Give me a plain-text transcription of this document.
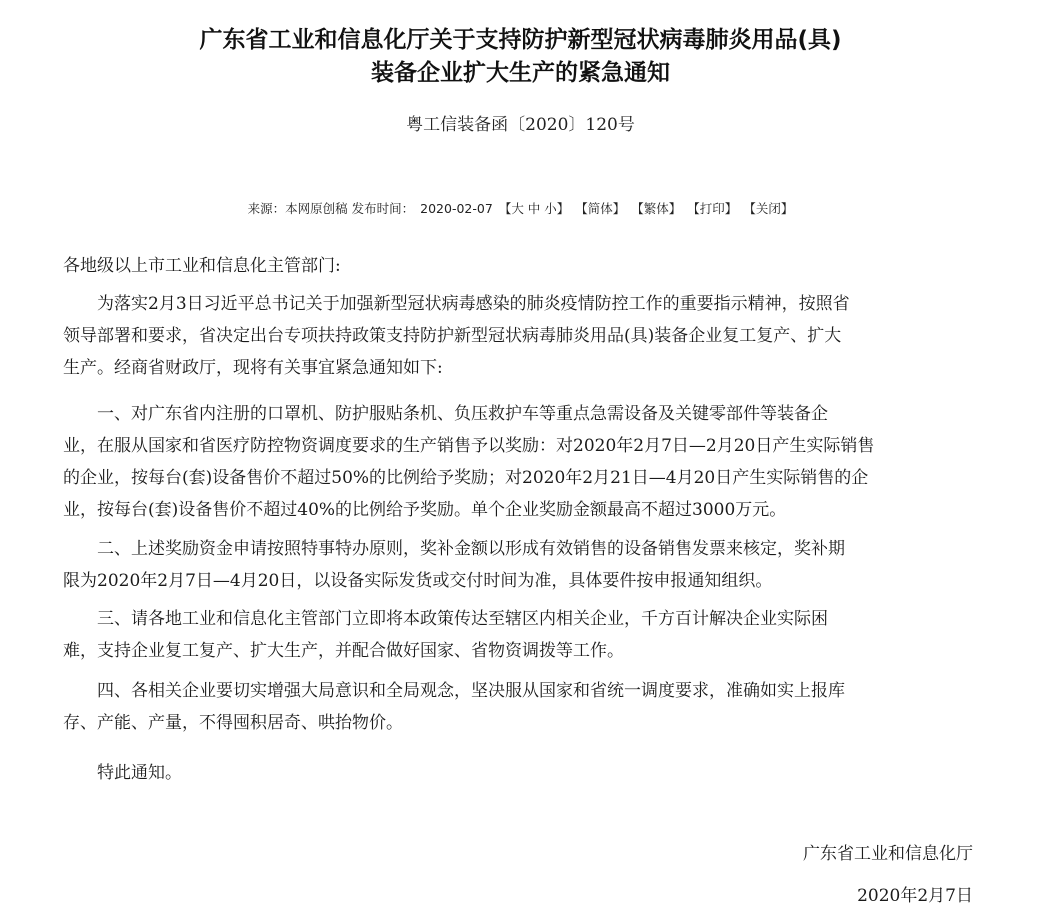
广东省工业和信息化厅关于支持防护新型冠状病毒肺炎用品(具)
装备企业扩大生产的紧急通知
粤工信装备函〔2020〕120号
来源：本网原创稿 发布时间： 2020-02-07 【大 中 小】 【简体】 【繁体】 【打印】 【关闭】

各地级以上市工业和信息化主管部门:

为落实2月3日习近平总书记关于加强新型冠状病毒感染的肺炎疫情防控工作的重要指示精神，按照省
领导部署和要求，省决定出台专项扶持政策支持防护新型冠状病毒肺炎用品(具)装备企业复工复产、扩大
生产。经商省财政厅，现将有关事宜紧急通知如下:
一、对广东省内注册的口罩机、防护服贴条机、负压救护车等重点急需设备及关键零部件等装备企
业，在服从国家和省医疗防控物资调度要求的生产销售予以奖励：对2020年2月7日—2月20日产生实际销售
的企业，按每台(套)设备售价不超过50%的比例给予奖励；对2020年2月21日—4月20日产生实际销售的企
业，按每台(套)设备售价不超过40%的比例给予奖励。单个企业奖励金额最高不超过3000万元。
二、上述奖励资金申请按照特事特办原则，奖补金额以形成有效销售的设备销售发票来核定，奖补期
限为2020年2月7日—4月20日，以设备实际发货或交付时间为准，具体要件按申报通知组织。
三、请各地工业和信息化主管部门立即将本政策传达至辖区内相关企业，千方百计解决企业实际困
难，支持企业复工复产、扩大生产，并配合做好国家、省物资调拨等工作。
四、各相关企业要切实增强大局意识和全局观念，坚决服从国家和省统一调度要求，准确如实上报库
存、产能、产量，不得囤积居奇、哄抬物价。

特此通知。

广东省工业和信息化厅
2020年2月7日
